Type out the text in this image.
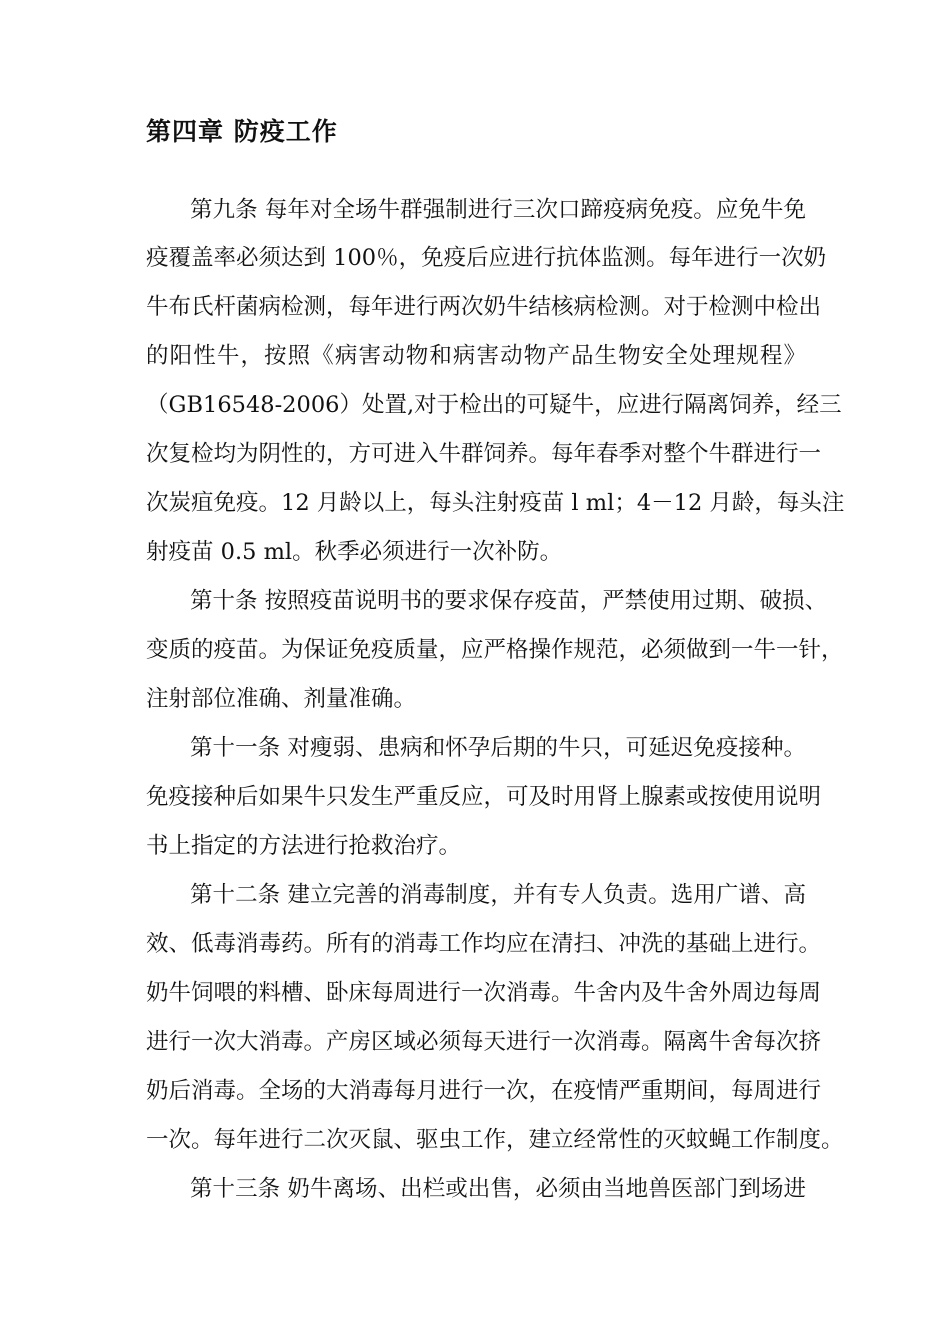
第四章 防疫工作
第九条 每年对全场牛群强制进行三次口蹄疫病免疫。应免牛免
疫覆盖率必须达到 100％，免疫后应进行抗体监测。每年进行一次奶
牛布氏杆菌病检测，每年进行两次奶牛结核病检测。对于检测中检出
的阳性牛，按照《病害动物和病害动物产品生物安全处理规程》
（GB16548-2006）处置,对于检出的可疑牛，应进行隔离饲养，经三
次复检均为阴性的，方可进入牛群饲养。每年春季对整个牛群进行一
次炭疽免疫。12 月龄以上，每头注射疫苗 l ml；4－12 月龄，每头注
射疫苗 0.5 ml。秋季必须进行一次补防。
第十条 按照疫苗说明书的要求保存疫苗，严禁使用过期、破损、
变质的疫苗。为保证免疫质量，应严格操作规范，必须做到一牛一针，
注射部位准确、剂量准确。
第十一条 对瘦弱、患病和怀孕后期的牛只，可延迟免疫接种。
免疫接种后如果牛只发生严重反应，可及时用肾上腺素或按使用说明
书上指定的方法进行抢救治疗。
第十二条 建立完善的消毒制度，并有专人负责。选用广谱、高
效、低毒消毒药。所有的消毒工作均应在清扫、冲洗的基础上进行。
奶牛饲喂的料槽、卧床每周进行一次消毒。牛舍内及牛舍外周边每周
进行一次大消毒。产房区域必须每天进行一次消毒。隔离牛舍每次挤
奶后消毒。全场的大消毒每月进行一次，在疫情严重期间，每周进行
一次。每年进行二次灭鼠、驱虫工作，建立经常性的灭蚊蝇工作制度。
第十三条 奶牛离场、出栏或出售，必须由当地兽医部门到场进
